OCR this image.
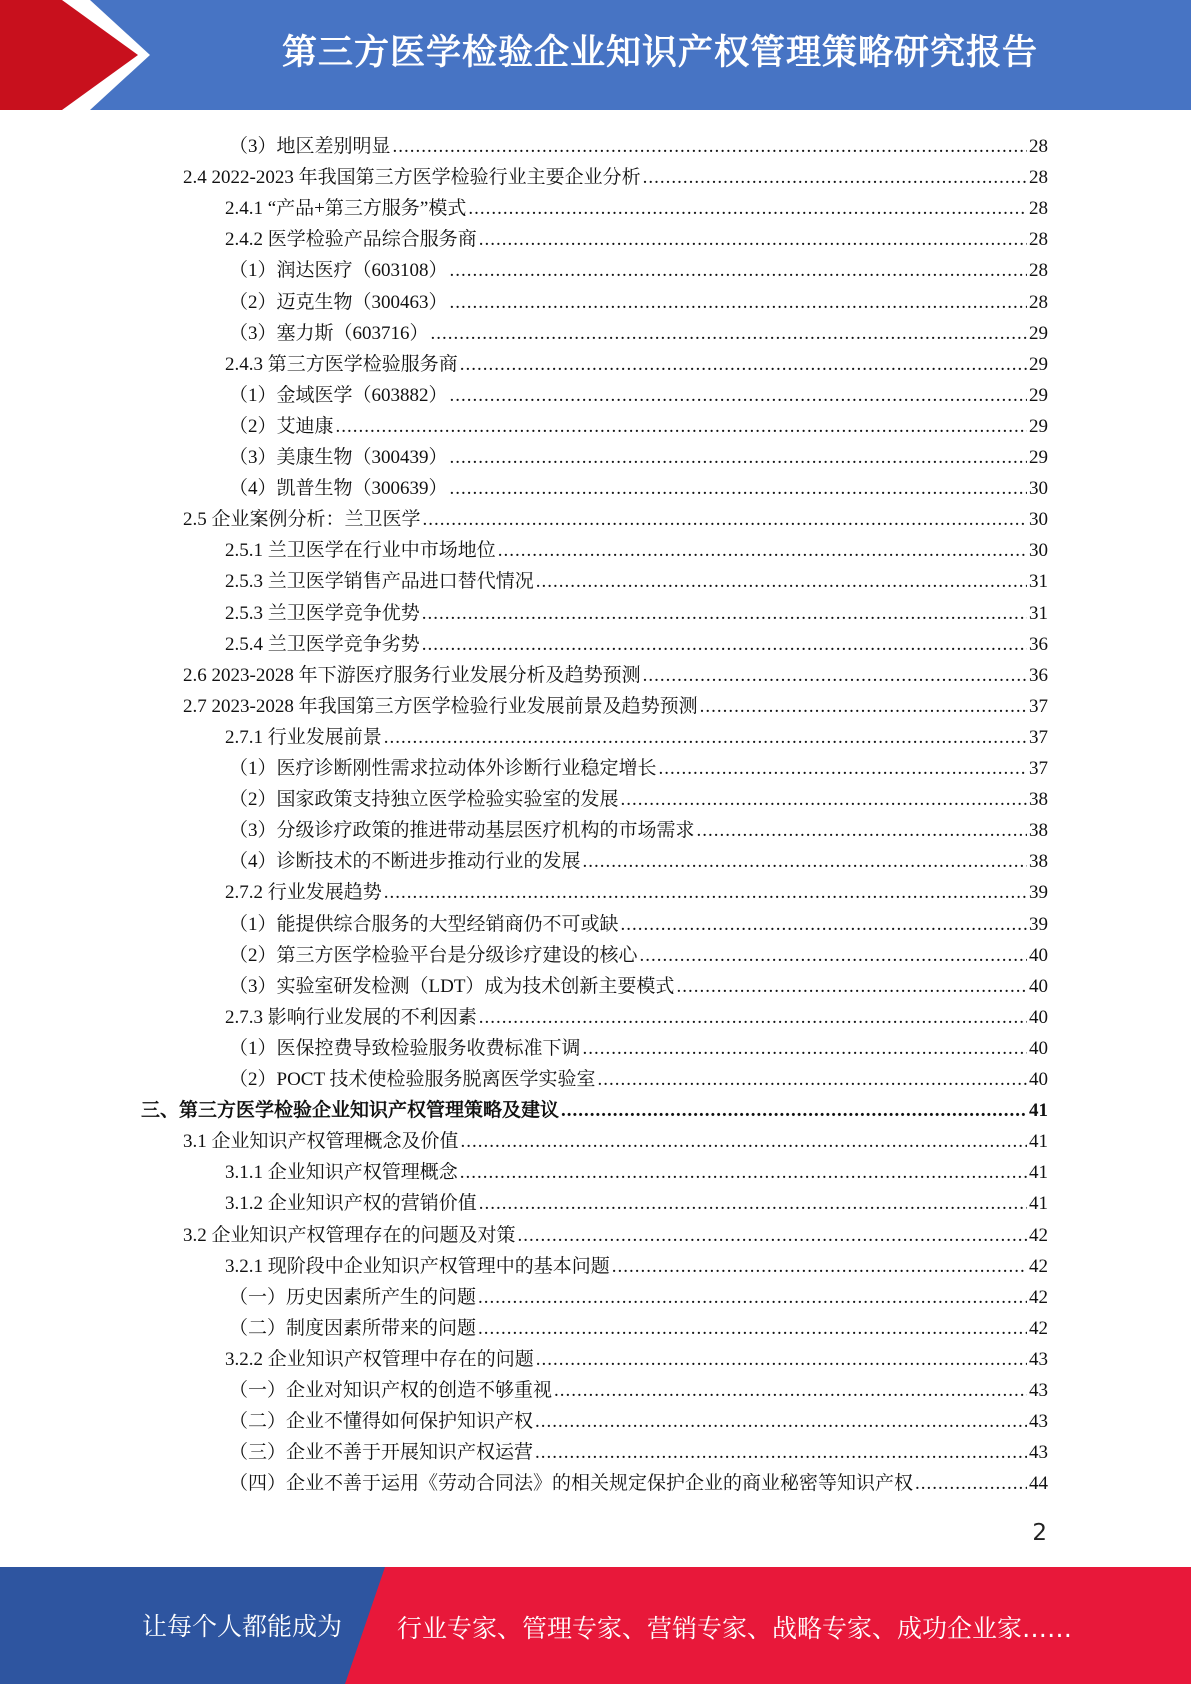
第三方医学检验企业知识产权管理策略研究报告
（3）地区差别明显 .....	28
2.4 2022-2023 年我国第三方医学检验行业主要企业分析 .....	28
2.4.1 “产品+第三方服务”模式 .....	28
2.4.2 医学检验产品综合服务商 .....	28
（1）润达医疗（603108） .....	28
（2）迈克生物（300463） .....	28
（3）塞力斯（603716） .....	29
2.4.3 第三方医学检验服务商 .....	29
（1）金域医学（603882） .....	29
（2）艾迪康 .....	29
（3）美康生物（300439） .....	29
（4）凯普生物（300639） .....	30
2.5 企业案例分析：兰卫医学 .....	30
2.5.1 兰卫医学在行业中市场地位 .....	30
2.5.3 兰卫医学销售产品进口替代情况 .....	31
2.5.3 兰卫医学竞争优势 .....	31
2.5.4 兰卫医学竞争劣势 .....	36
2.6 2023-2028 年下游医疗服务行业发展分析及趋势预测 .....	36
2.7 2023-2028 年我国第三方医学检验行业发展前景及趋势预测 .....	37
2.7.1 行业发展前景 .....	37
（1）医疗诊断刚性需求拉动体外诊断行业稳定增长 .....	37
（2）国家政策支持独立医学检验实验室的发展 .....	38
（3）分级诊疗政策的推进带动基层医疗机构的市场需求 .....	38
（4）诊断技术的不断进步推动行业的发展 .....	38
2.7.2 行业发展趋势 .....	39
（1）能提供综合服务的大型经销商仍不可或缺 .....	39
（2）第三方医学检验平台是分级诊疗建设的核心 .....	40
（3）实验室研发检测（LDT）成为技术创新主要模式 .....	40
2.7.3 影响行业发展的不利因素 .....	40
（1）医保控费导致检验服务收费标准下调 .....	40
（2）POCT 技术使检验服务脱离医学实验室 .....	40
三、第三方医学检验企业知识产权管理策略及建议 .....	41
3.1 企业知识产权管理概念及价值 .....	41
3.1.1 企业知识产权管理概念 .....	41
3.1.2 企业知识产权的营销价值 .....	41
3.2 企业知识产权管理存在的问题及对策 .....	42
3.2.1 现阶段中企业知识产权管理中的基本问题 .....	42
（一）历史因素所产生的问题 .....	42
（二）制度因素所带来的问题 .....	42
3.2.2 企业知识产权管理中存在的问题 .....	43
（一）企业对知识产权的创造不够重视 .....	43
（二）企业不懂得如何保护知识产权 .....	43
（三）企业不善于开展知识产权运营 .....	43
（四）企业不善于运用《劳动合同法》的相关规定保护企业的商业秘密等知识产权 .....	44
2
让每个人都能成为 行业专家、管理专家、营销专家、战略专家、成功企业家……
